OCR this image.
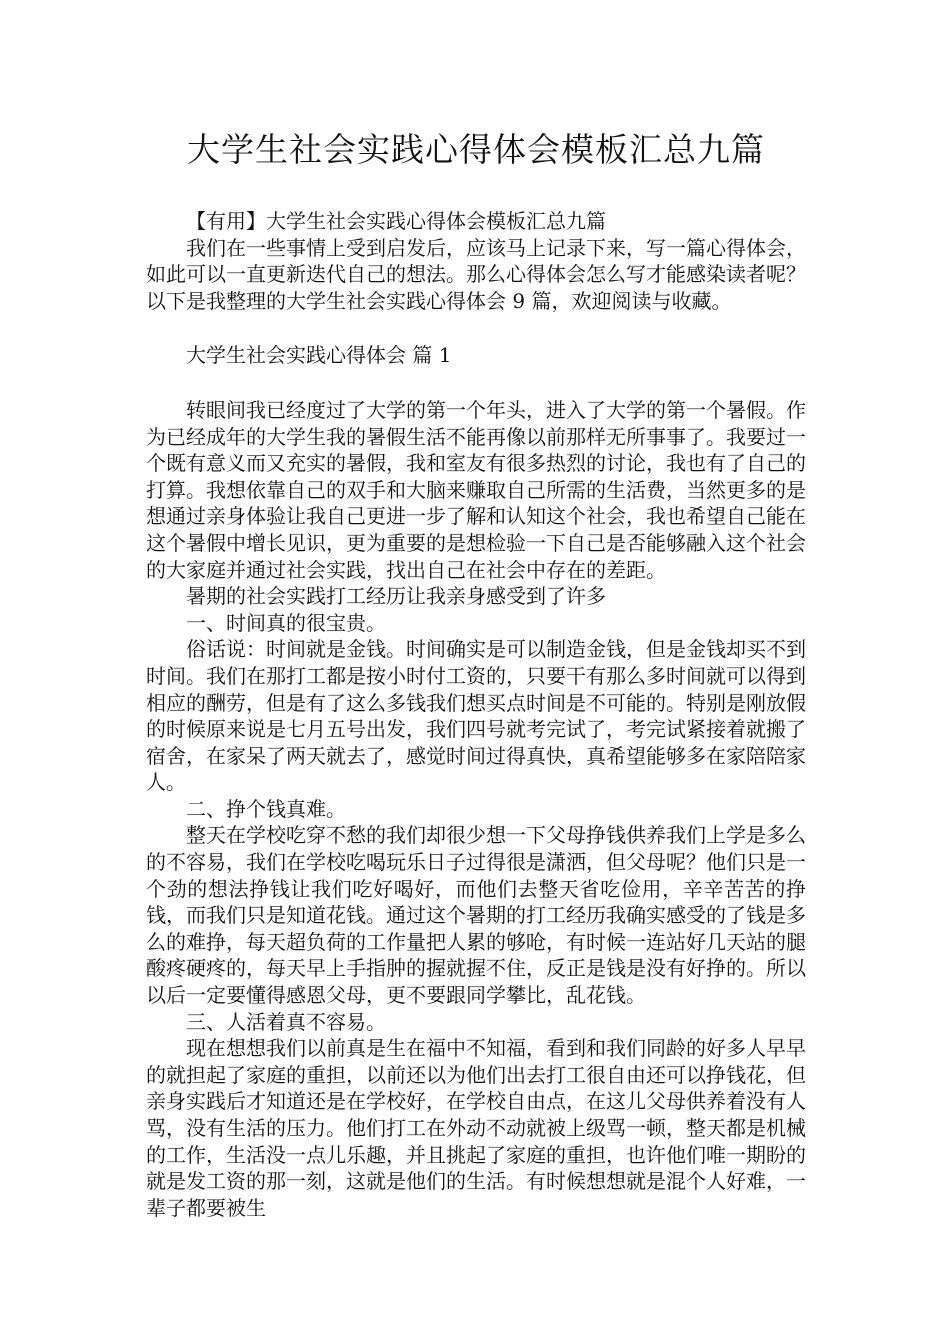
大学生社会实践心得体会模板汇总九篇

【有用】大学生社会实践心得体会模板汇总九篇

我们在一些事情上受到启发后，应该马上记录下来，写一篇心得体会，如此可以一直更新迭代自己的想法。那么心得体会怎么写才能感染读者呢？以下是我整理的大学生社会实践心得体会 9 篇，欢迎阅读与收藏。

大学生社会实践心得体会 篇 1

转眼间我已经度过了大学的第一个年头，进入了大学的第一个暑假。作为已经成年的大学生我的暑假生活不能再像以前那样无所事事了。我要过一个既有意义而又充实的暑假，我和室友有很多热烈的讨论，我也有了自己的打算。我想依靠自己的双手和大脑来赚取自己所需的生活费，当然更多的是想通过亲身体验让我自己更进一步了解和认知这个社会，我也希望自己能在这个暑假中增长见识，更为重要的是想检验一下自己是否能够融入这个社会的大家庭并通过社会实践，找出自己在社会中存在的差距。

暑期的社会实践打工经历让我亲身感受到了许多

一、时间真的很宝贵。

俗话说：时间就是金钱。时间确实是可以制造金钱，但是金钱却买不到时间。我们在那打工都是按小时付工资的，只要干有那么多时间就可以得到相应的酬劳，但是有了这么多钱我们想买点时间是不可能的。特别是刚放假的时候原来说是七月五号出发，我们四号就考完试了，考完试紧接着就搬了宿舍，在家呆了两天就去了，感觉时间过得真快，真希望能够多在家陪陪家人。

二、挣个钱真难。

整天在学校吃穿不愁的我们却很少想一下父母挣钱供养我们上学是多么的不容易，我们在学校吃喝玩乐日子过得很是潇洒，但父母呢？他们只是一个劲的想法挣钱让我们吃好喝好，而他们去整天省吃俭用，辛辛苦苦的挣钱，而我们只是知道花钱。通过这个暑期的打工经历我确实感受的了钱是多么的难挣，每天超负荷的工作量把人累的够呛，有时候一连站好几天站的腿酸疼硬疼的，每天早上手指肿的握就握不住，反正是钱是没有好挣的。所以以后一定要懂得感恩父母，更不要跟同学攀比，乱花钱。

三、人活着真不容易。

现在想想我们以前真是生在福中不知福，看到和我们同龄的好多人早早的就担起了家庭的重担，以前还以为他们出去打工很自由还可以挣钱花，但亲身实践后才知道还是在学校好，在学校自由点，在这儿父母供养着没有人骂，没有生活的压力。他们打工在外动不动就被上级骂一顿，整天都是机械的工作，生活没一点儿乐趣，并且挑起了家庭的重担，也许他们唯一期盼的就是发工资的那一刻，这就是他们的生活。有时候想想就是混个人好难，一辈子都要被生
